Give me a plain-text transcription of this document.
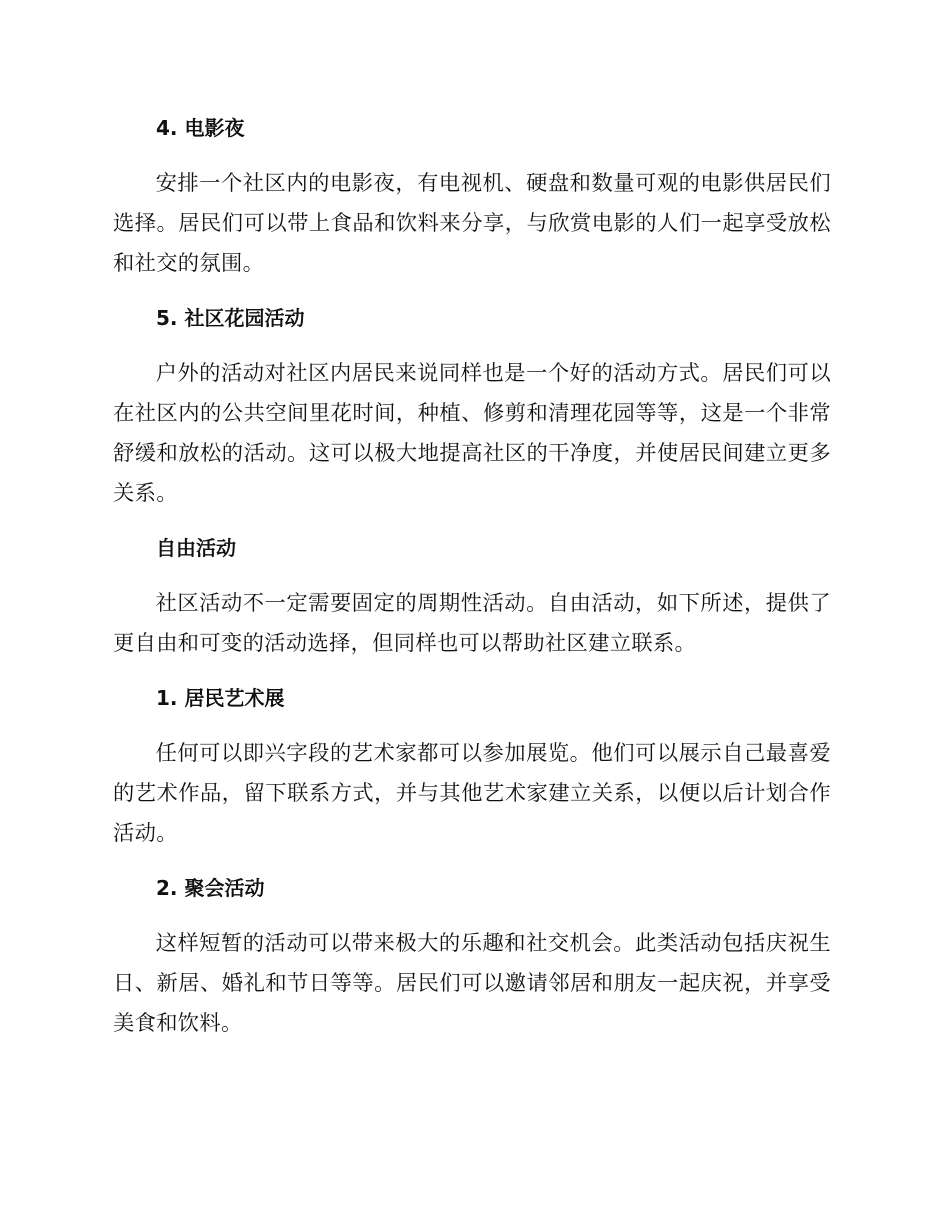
4. 电影夜

安排一个社区内的电影夜，有电视机、硬盘和数量可观的电影供居民们选择。居民们可以带上食品和饮料来分享，与欣赏电影的人们一起享受放松和社交的氛围。

5. 社区花园活动

户外的活动对社区内居民来说同样也是一个好的活动方式。居民们可以在社区内的公共空间里花时间，种植、修剪和清理花园等等，这是一个非常舒缓和放松的活动。这可以极大地提高社区的干净度，并使居民间建立更多关系。

自由活动

社区活动不一定需要固定的周期性活动。自由活动，如下所述，提供了更自由和可变的活动选择，但同样也可以帮助社区建立联系。

1. 居民艺术展

任何可以即兴字段的艺术家都可以参加展览。他们可以展示自己最喜爱的艺术作品，留下联系方式，并与其他艺术家建立关系，以便以后计划合作活动。

2. 聚会活动

这样短暂的活动可以带来极大的乐趣和社交机会。此类活动包括庆祝生日、新居、婚礼和节日等等。居民们可以邀请邻居和朋友一起庆祝，并享受美食和饮料。
